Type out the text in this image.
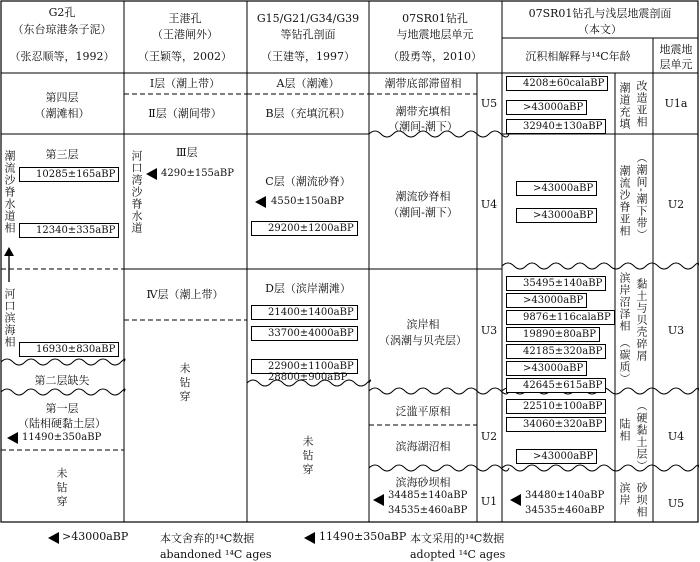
G2孔
（东台琼港条子泥）
（张忍顺等，1992）
王港孔
（王港闸外）
（王颖等，2002）
G15/G21/G34/G39
等钻孔剖面
（王建等，1997）
07SR01钻孔
与地震地层单元
（殷勇等，2010）
07SR01钻孔与浅层地震剖面
（本文）
沉积相解释与¹⁴C年龄
地震地
层单元
第四层
（潮滩相）
第三层
潮流沙脊水道相
河口滨海相
第二层缺失
第一层
（陆相硬黏土层）
未
钻
穿
Ⅰ层（潮上带）
Ⅱ层（潮间带）
Ⅲ层
河口湾沙脊水道
Ⅳ层（潮上带）
未
钻
穿
A层（潮滩）
B层（充填沉积）
C层（潮流砂脊）
D层（滨岸潮滩）
未
钻
穿
潮带底部滞留相
潮带充填相
（潮间-潮下）
潮流砂脊相
（潮间-潮下）
滨岸相
（涡潮与贝壳层）
泛滥平原相
滨海湖沼相
滨海砂坝相
U5
U4
U3
U2
U1
潮道充填 改造亚相
潮流沙脊亚相 （潮间-潮下带）
滨岸沼泽相
（碳质） 黏土与贝壳碎屑
陆相 （硬黏土层）
滨岸 砂坝相
U1a
U2
U3
U4
U5
10285±165aBP
12340±335aBP
16930±830aBP
11490±350aBP
4290±155aBP
4550±150aBP
29200±1200aBP
21400±1400aBP
33700±4000aBP
22900±1100aBP
28800±900aBP
34485±140aBP
34535±460aBP
4208±60calaBP
>43000aBP
32940±130aBP
>43000aBP
>43000aBP
35495±140aBP
>43000aBP
9876±116calaBP
19890±80aBP
42185±320aBP
>43000aBP
42645±615aBP
22510±100aBP
34060±320aBP
>43000aBP
34480±140aBP
34535±460aBP
>43000aBP	本文舍弃的¹⁴C数据
abandoned ¹⁴C ages
11490±350aBP 本文采用的¹⁴C数据
adopted ¹⁴C ages
